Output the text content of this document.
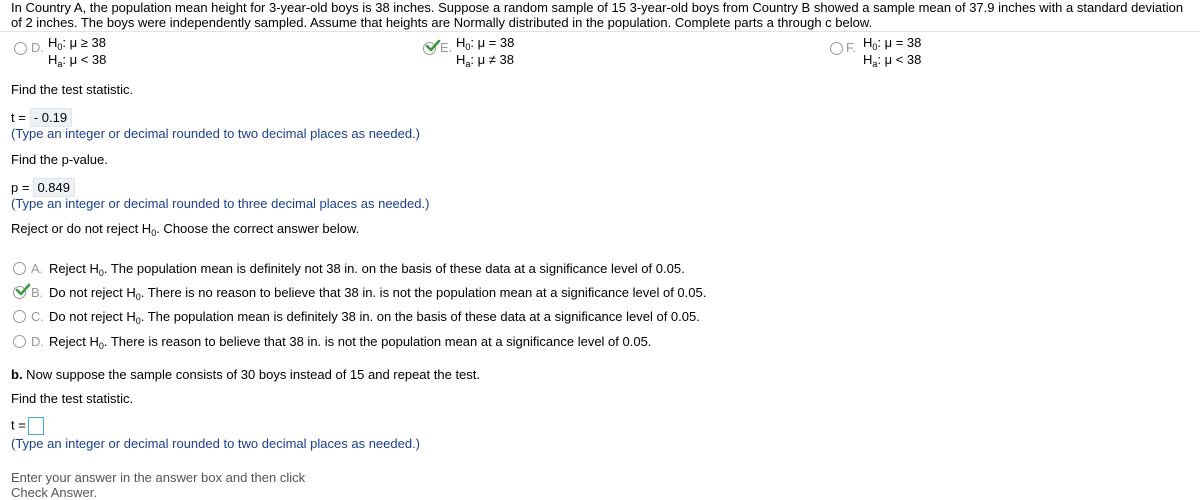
In Country A, the population mean height for 3-year-old boys is 38 inches. Suppose a random sample of 15 3-year-old boys from Country B showed a sample mean of 37.9 inches with a standard deviation of 2 inches. The boys were independently sampled. Assume that heights are Normally distributed in the population. Complete parts a through c below.
D. $H_0$: μ ≥ 38
$H_a$: μ < 38
E. $H_0$: μ = 38
$H_a$: μ ≠ 38
F. $H_0$: μ = 38
$H_a$: μ < 38
Find the test statistic.
t = - 0.19
(Type an integer or decimal rounded to two decimal places as needed.)
Find the p-value.
p = 0.849
(Type an integer or decimal rounded to three decimal places as needed.)
Reject or do not reject $H_0$. Choose the correct answer below.
A. Reject $H_0$. The population mean is definitely not 38 in. on the basis of these data at a significance level of 0.05.
B. Do not reject $H_0$. There is no reason to believe that 38 in. is not the population mean at a significance level of 0.05.
C. Do not reject $H_0$. The population mean is definitely 38 in. on the basis of these data at a significance level of 0.05.
D. Reject $H_0$. There is reason to believe that 38 in. is not the population mean at a significance level of 0.05.
b. Now suppose the sample consists of 30 boys instead of 15 and repeat the test.
Find the test statistic.
t =
(Type an integer or decimal rounded to two decimal places as needed.)
Enter your answer in the answer box and then click Check Answer.
